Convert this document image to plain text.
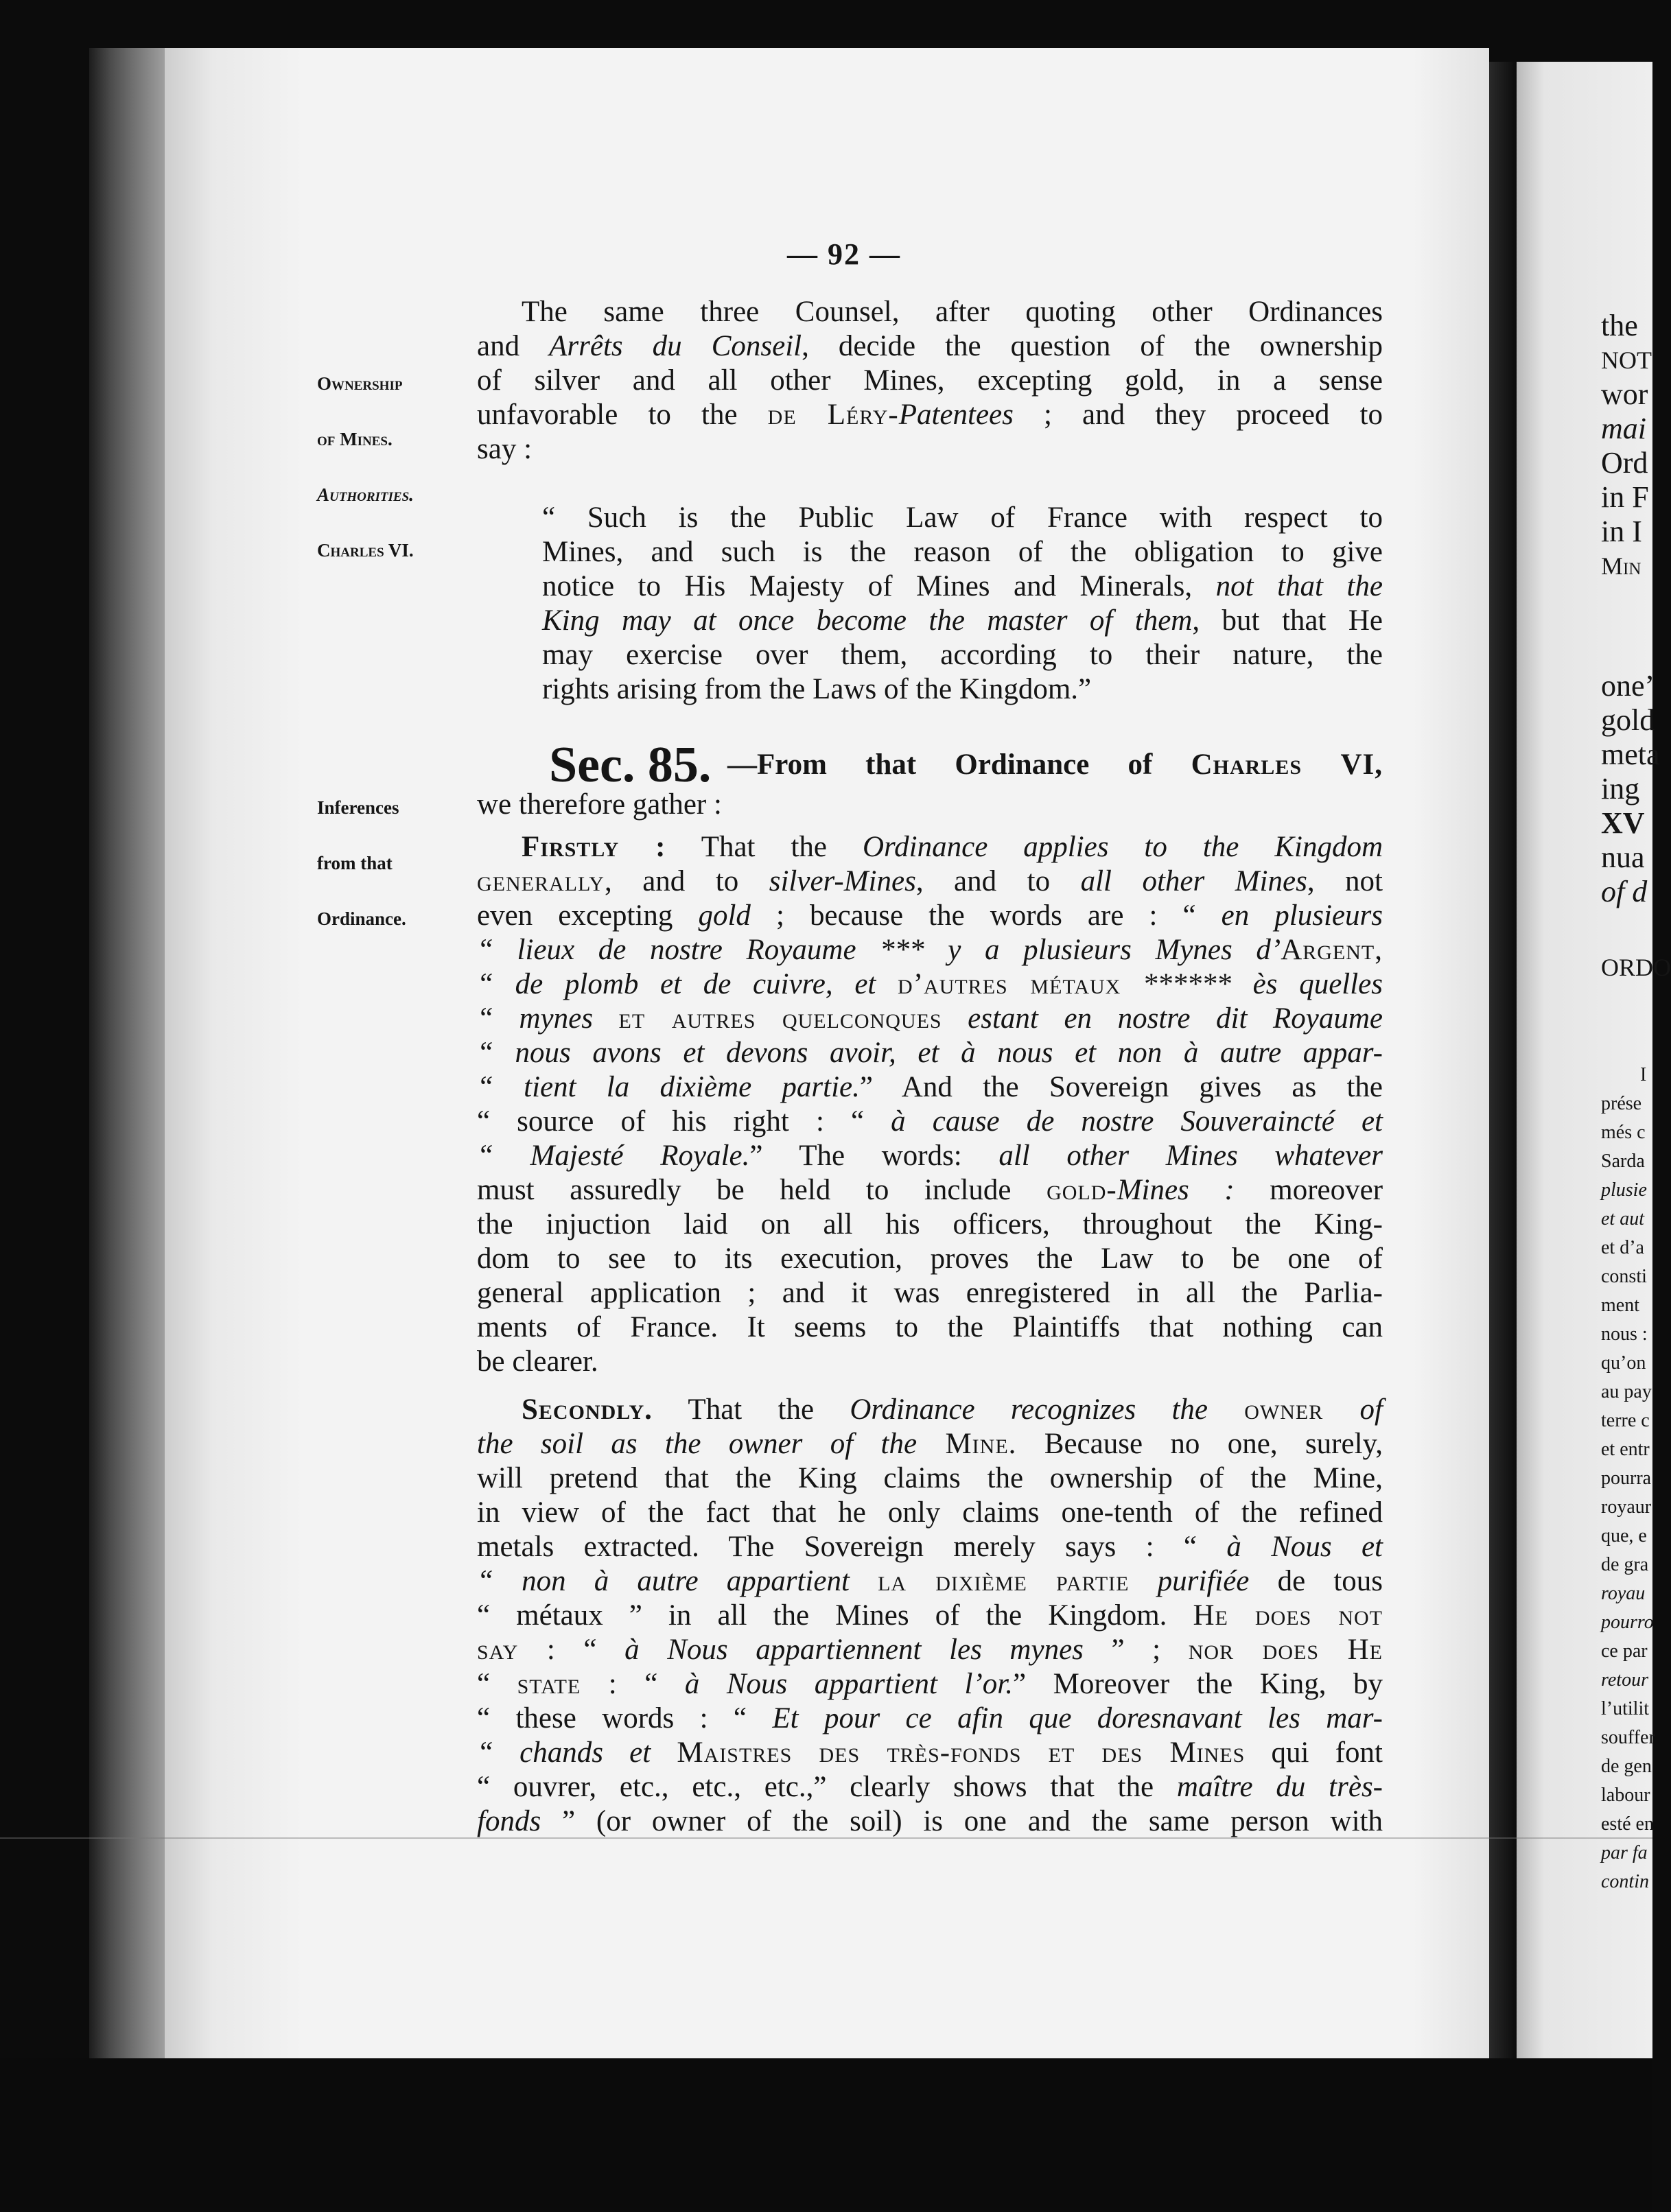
— 92 —

Ownership

of Mines.

Authorities.

Charles VI.

Inferences

from that

Ordinance.

The same three Counsel, after quoting other Ordinances
and Arrêts du Conseil, decide the question of the ownership
of silver and all other Mines, excepting gold, in a sense
unfavorable to the de Léry-Patentees ; and they proceed to
say :
“ Such is the Public Law of France with respect to
Mines, and such is the reason of the obligation to give
notice to His Majesty of Mines and Minerals, not that the
King may at once become the master of them, but that He
may exercise over them, according to their nature, the
rights arising from the Laws of the Kingdom.”
Sec. 85. —From that Ordinance of Charles VI,
we therefore gather :
Firstly : That the Ordinance applies to the Kingdom
generally, and to silver-Mines, and to all other Mines, not
even excepting gold ; because the words are : “ en plusieurs
“ lieux de nostre Royaume *** y a plusieurs Mynes d’Argent,
“ de plomb et de cuivre, et d’autres métaux ****** ès quelles
“ mynes et autres quelconques estant en nostre dit Royaume
“ nous avons et devons avoir, et à nous et non à autre appar-
“ tient la dixième partie.” And the Sovereign gives as the
“ source of his right : “ à cause de nostre Souveraincté et
“ Majesté Royale.” The words: all other Mines whatever
must assuredly be held to include gold-Mines : moreover
the injuction laid on all his officers, throughout the King-
dom to see to its execution, proves the Law to be one of
general application ; and it was enregistered in all the Parlia-
ments of France. It seems to the Plaintiffs that nothing can
be clearer.
Secondly. That the Ordinance recognizes the owner of
the soil as the owner of the Mine. Because no one, surely,
will pretend that the King claims the ownership of the Mine,
in view of the fact that he only claims one-tenth of the refined
metals extracted. The Sovereign merely says : “ à Nous et
“ non à autre appartient la dixième partie purifiée de tous
“ métaux ” in all the Mines of the Kingdom. He does not
say : “ à Nous appartiennent les mynes ” ; nor does He
“ state : “ à Nous appartient l’or.” Moreover the King, by
“ these words : “ Et pour ce afin que doresnavant les mar-
“ chands et Maistres des très-fonds et des Mines qui font
“ ouvrer, etc., etc., etc.,” clearly shows that the maître du très-
fonds ” (or owner of the soil) is one and the same person with
the
NOT
wor
mai
Ord
in F
in I
Min
one’
gold
meta
ing
XV
nua
of d
ORDO
I
prése
més c
Sarda
plusie
et aut
et d’a
consti
ment
nous :
qu’on
au pay
terre c
et entr
pourra
royaur
que, e
de gra
royau
pourro
ce par
retour
l’utilit
souffer
de gen
labour
esté en
par fa
contin
